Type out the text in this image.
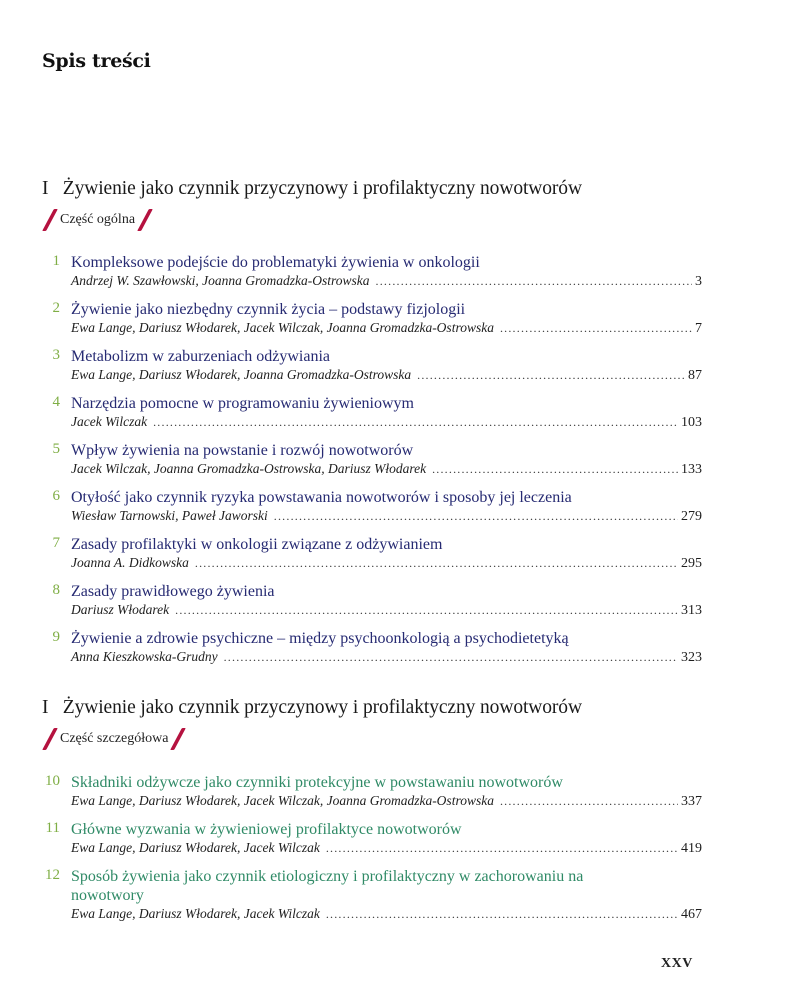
Spis treści
I Żywienie jako czynnik przyczynowy i profilaktyczny nowotworów
Część ogólna
1 Kompleksowe podejście do problematyki żywienia w onkologii
Andrzej W. Szawłowski, Joanna Gromadzka-Ostrowska .....	3
2 Żywienie jako niezbędny czynnik życia – podstawy fizjologii
Ewa Lange, Dariusz Włodarek, Jacek Wilczak, Joanna Gromadzka-Ostrowska .....	7
3 Metabolizm w zaburzeniach odżywiania
Ewa Lange, Dariusz Włodarek, Joanna Gromadzka-Ostrowska .....	87
4 Narzędzia pomocne w programowaniu żywieniowym
Jacek Wilczak .....	103
5 Wpływ żywienia na powstanie i rozwój nowotworów
Jacek Wilczak, Joanna Gromadzka-Ostrowska, Dariusz Włodarek .....	133
6 Otyłość jako czynnik ryzyka powstawania nowotworów i sposoby jej leczenia
Wiesław Tarnowski, Paweł Jaworski .....	279
7 Zasady profilaktyki w onkologii związane z odżywianiem
Joanna A. Didkowska .....	295
8 Zasady prawidłowego żywienia
Dariusz Włodarek .....	313
9 Żywienie a zdrowie psychiczne – między psychoonkologią a psychodietetyką
Anna Kieszkowska-Grudny .....	323
I Żywienie jako czynnik przyczynowy i profilaktyczny nowotworów
Część szczegółowa
10 Składniki odżywcze jako czynniki protekcyjne w powstawaniu nowotworów
Ewa Lange, Dariusz Włodarek, Jacek Wilczak, Joanna Gromadzka-Ostrowska .....	337
11 Główne wyzwania w żywieniowej profilaktyce nowotworów
Ewa Lange, Dariusz Włodarek, Jacek Wilczak .....	419
12 Sposób żywienia jako czynnik etiologiczny i profilaktyczny w zachorowaniu na nowotwory
Ewa Lange, Dariusz Włodarek, Jacek Wilczak .....	467
XXV
